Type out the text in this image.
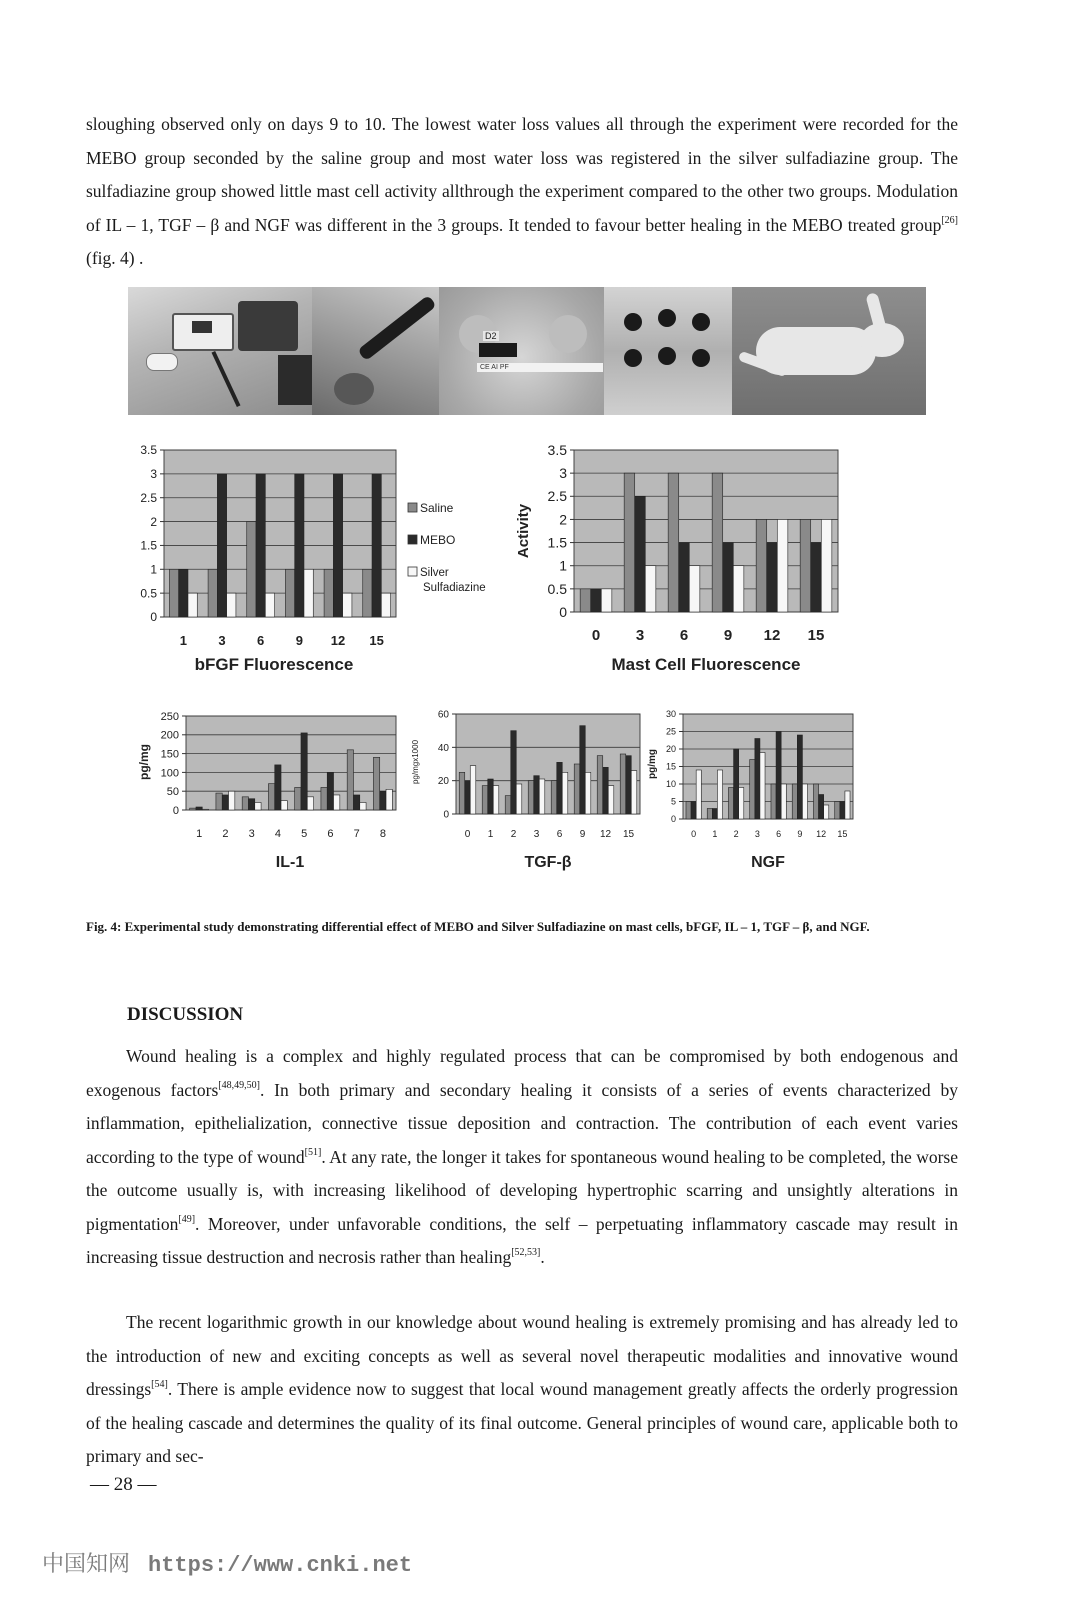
sloughing observed only on days 9 to 10. The lowest water loss values all through the experiment were recorded for the MEBO group seconded by the saline group and most water loss was registered in the silver sulfadiazine group. The sulfadiazine group showed little mast cell activity allthrough the experiment compared to the other two groups. Modulation of IL – 1, TGF – β and NGF was different in the 3 groups. It tended to favour better healing in the MEBO treated group[26] (fig. 4) .
D2
CE AI PF
0
0.5
1
1.5
2
2.5
3
3.5
1 3 6 9 12 15
bFGF Fluorescence
Saline
MEBO
Silver Sulfadiazine
0
0.5
1
1.5
2
2.5
3
3.5
0 3 6 9 12 15
Mast Cell Fluorescence
Activity
0
50
100
150
200
250
1 2 3 4 5 6 7 8
IL-1
pg/mg
0
20
40
60
0 1 2 3 6 9 12 15
TGF-β
pg/mgx1000
0
5
10
15
20
25
30
0 1 2 3 6 9 12 15
NGF
pg/mg
Fig. 4: Experimental study demonstrating differential effect of MEBO and Silver Sulfadiazine on mast cells, bFGF, IL – 1, TGF – β, and NGF.
DISCUSSION
Wound healing is a complex and highly regulated process that can be compromised by both endogenous and exogenous factors[48,49,50]. In both primary and secondary healing it consists of a series of events characterized by inflammation, epithelialization, connective tissue deposition and contraction. The contribution of each event varies according to the type of wound[51]. At any rate, the longer it takes for spontaneous wound healing to be completed, the worse the outcome usually is, with increasing likelihood of developing hypertrophic scarring and unsightly alterations in pigmentation[49]. Moreover, under unfavorable conditions, the self – perpetuating inflammatory cascade may result in increasing tissue destruction and necrosis rather than healing[52,53].
The recent logarithmic growth in our knowledge about wound healing is extremely promising and has already led to the introduction of new and exciting concepts as well as several novel therapeutic modalities and innovative wound dressings[54]. There is ample evidence now to suggest that local wound management greatly affects the orderly progression of the healing cascade and determines the quality of its final outcome. General principles of wound care, applicable both to primary and sec-
— 28 —
中国知网 https://www.cnki.net
